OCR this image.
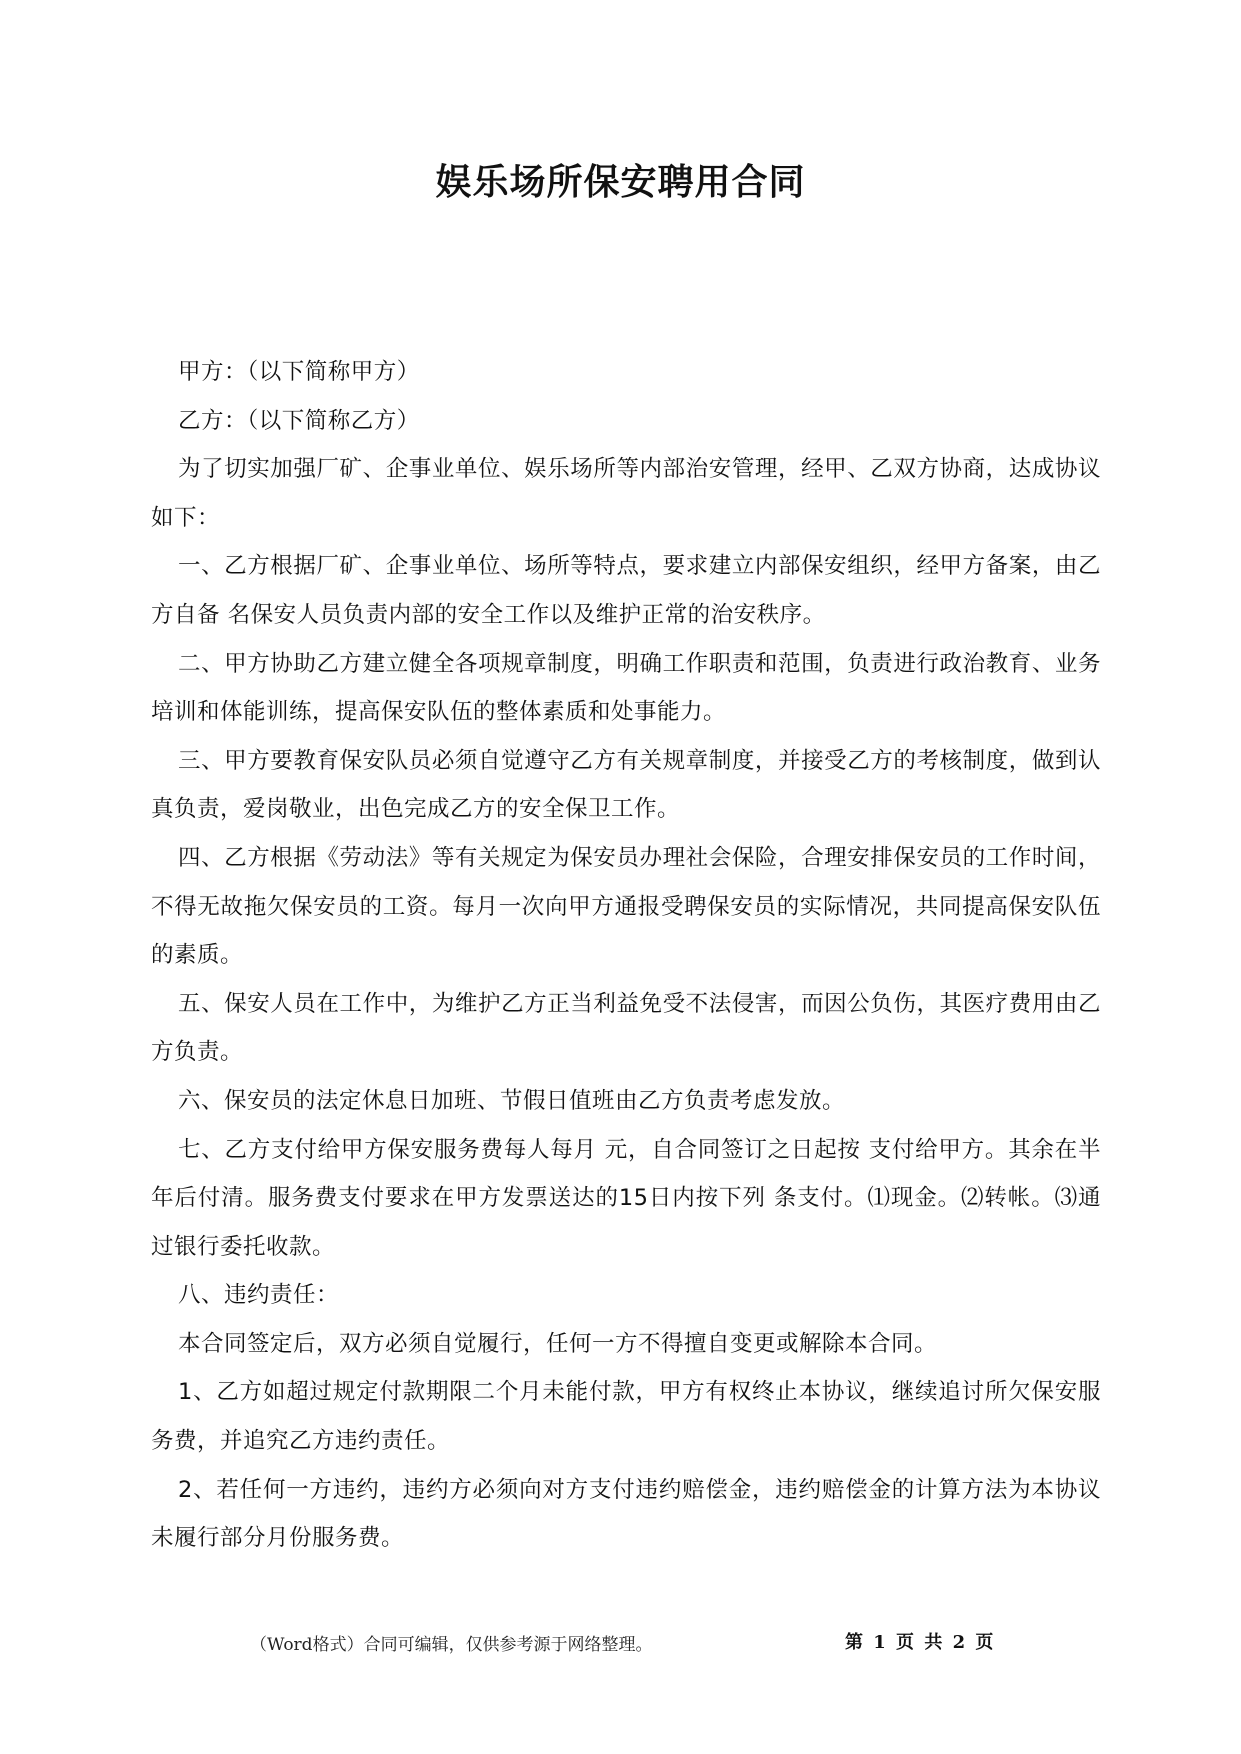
娱乐场所保安聘用合同

甲方：（以下简称甲方）

乙方：（以下简称乙方）

为了切实加强厂矿、企事业单位、娱乐场所等内部治安管理，经甲、乙双方协商，达成协议如下：

一、乙方根据厂矿、企事业单位、场所等特点，要求建立内部保安组织，经甲方备案，由乙方自备 名保安人员负责内部的安全工作以及维护正常的治安秩序。

二、甲方协助乙方建立健全各项规章制度，明确工作职责和范围，负责进行政治教育、业务培训和体能训练，提高保安队伍的整体素质和处事能力。

三、甲方要教育保安队员必须自觉遵守乙方有关规章制度，并接受乙方的考核制度，做到认真负责，爱岗敬业，出色完成乙方的安全保卫工作。

四、乙方根据《劳动法》等有关规定为保安员办理社会保险，合理安排保安员的工作时间，不得无故拖欠保安员的工资。每月一次向甲方通报受聘保安员的实际情况，共同提高保安队伍的素质。

五、保安人员在工作中，为维护乙方正当利益免受不法侵害，而因公负伤，其医疗费用由乙方负责。

六、保安员的法定休息日加班、节假日值班由乙方负责考虑发放。

七、乙方支付给甲方保安服务费每人每月 元，自合同签订之日起按 支付给甲方。其余在半年后付清。服务费支付要求在甲方发票送达的15日内按下列 条支付。⑴现金。⑵转帐。⑶通过银行委托收款。

八、违约责任：

本合同签定后，双方必须自觉履行，任何一方不得擅自变更或解除本合同。

1、乙方如超过规定付款期限二个月未能付款，甲方有权终止本协议，继续追讨所欠保安服务费，并追究乙方违约责任。

2、若任何一方违约，违约方必须向对方支付违约赔偿金，违约赔偿金的计算方法为本协议未履行部分月份服务费。

（Word格式）合同可编辑，仅供参考源于网络整理。	第 1 页 共 2 页
